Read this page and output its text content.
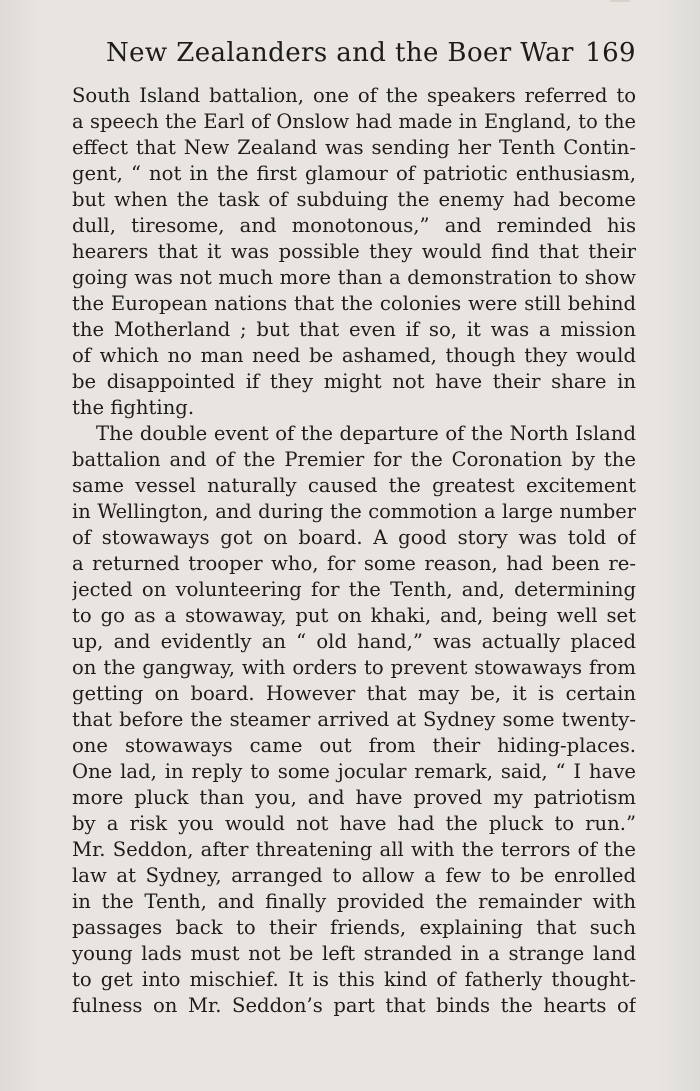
New Zealanders and the Boer War 169
South Island battalion, one of the speakers referred to
a speech the Earl of Onslow had made in England, to the
effect that New Zealand was sending her Tenth Contin-
gent, “ not in the first glamour of patriotic enthusiasm,
but when the task of subduing the enemy had become
dull, tiresome, and monotonous,” and reminded his
hearers that it was possible they would find that their
going was not much more than a demonstration to show
the European nations that the colonies were still behind
the Motherland ; but that even if so, it was a mission
of which no man need be ashamed, though they would
be disappointed if they might not have their share in
the fighting.
The double event of the departure of the North Island
battalion and of the Premier for the Coronation by the
same vessel naturally caused the greatest excitement
in Wellington, and during the commotion a large number
of stowaways got on board. A good story was told of
a returned trooper who, for some reason, had been re-
jected on volunteering for the Tenth, and, determining
to go as a stowaway, put on khaki, and, being well set
up, and evidently an “ old hand,” was actually placed
on the gangway, with orders to prevent stowaways from
getting on board. However that may be, it is certain
that before the steamer arrived at Sydney some twenty-
one stowaways came out from their hiding-places.
One lad, in reply to some jocular remark, said, “ I have
more pluck than you, and have proved my patriotism
by a risk you would not have had the pluck to run.”
Mr. Seddon, after threatening all with the terrors of the
law at Sydney, arranged to allow a few to be enrolled
in the Tenth, and finally provided the remainder with
passages back to their friends, explaining that such
young lads must not be left stranded in a strange land
to get into mischief. It is this kind of fatherly thought-
fulness on Mr. Seddon’s part that binds the hearts of
